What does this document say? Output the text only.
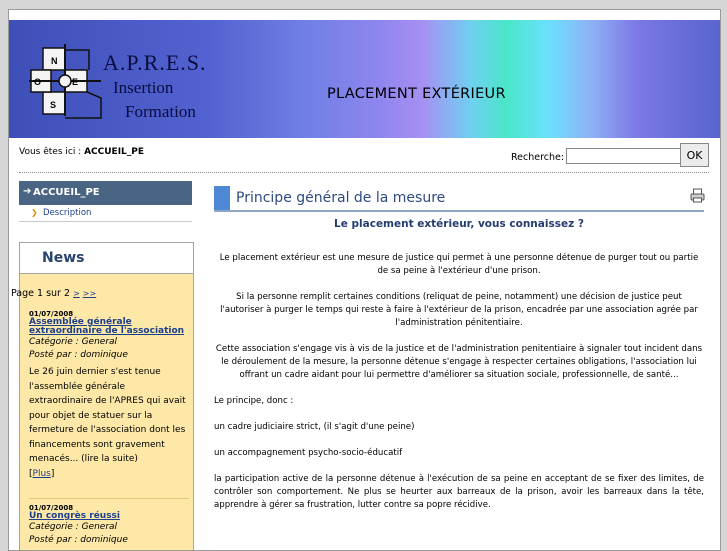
N
O	E
S
A.P.R.E.S.
Insertion
Formation
PLACEMENT EXTÉRIEUR
Vous êtes ici : ACCUEIL_PE	Recherche:	OK
➔ ACCUEIL_PE
❯ Description
News
Page 1 sur 2 > >>
01/07/2008
Assemblée générale extraordinaire de l'association
Catégorie : General
Posté par : dominique
Le 26 juin dernier s'est tenue l'assemblée générale extraordinaire de l'APRES qui avait pour objet de statuer sur la fermeture de l'association dont les financements sont gravement menacés... (lire la suite)
[Plus]
01/07/2008
Un congrès réussi
Catégorie : General
Posté par : dominique
Principe général de la mesure
Le placement extérieur, vous connaissez ?
Le placement extérieur est une mesure de justice qui permet à une personne détenue de purger tout ou partie de sa peine à l'extérieur d'une prison.
Si la personne remplit certaines conditions (reliquat de peine, notamment) une décision de justice peut l'autoriser à purger le temps qui reste à faire à l'extérieur de la prison, encadrée par une association agrée par l'administration pénitentiaire.
Cette association s'engage vis à vis de la justice et de l'administration penitentiaire à signaler tout incident dans le déroulement de la mesure, la personne détenue s'engage à respecter certaines obligations, l'association lui offrant un cadre aidant pour lui permettre d'améliorer sa situation sociale, professionnelle, de santé...
Le principe, donc :
un cadre judiciaire strict, (il s'agit d'une peine)
un accompagnement psycho-socio-éducatif
la participation active de la personne détenue à l'exécution de sa peine en acceptant de se fixer des limites, de contrôler son comportement. Ne plus se heurter aux barreaux de la prison, avoir les barreaux dans la tête, apprendre à gérer sa frustration, lutter contre sa popre récidive.
